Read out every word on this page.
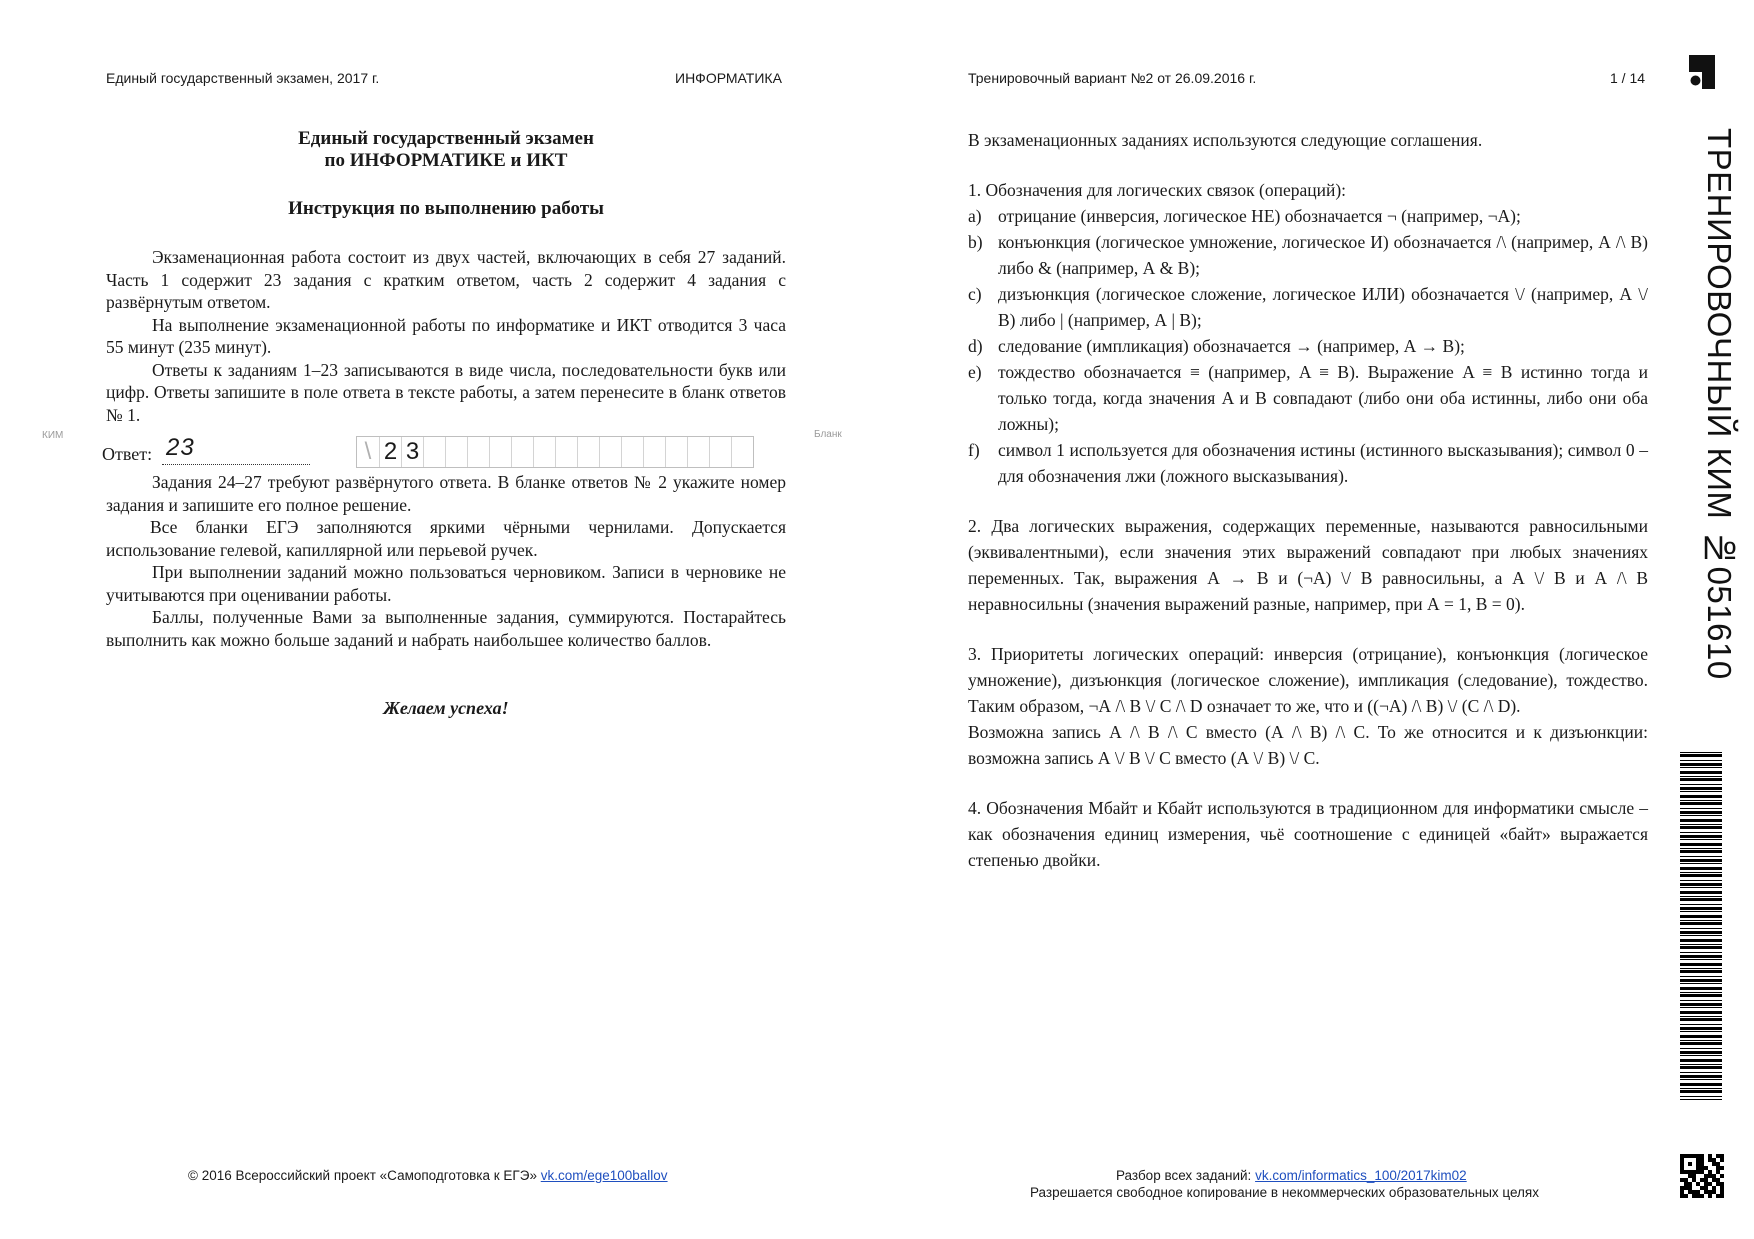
Единый государственный экзамен, 2017 г.	ИНФОРМАТИКА	Тренировочный вариант №2 от 26.09.2016 г.	1 / 14
Единый государственный экзамен
по ИНФОРМАТИКЕ и ИКТ
Инструкция по выполнению работы

Экзаменационная работа состоит из двух частей, включающих в себя 27 заданий. Часть 1 содержит 23 задания с кратким ответом, часть 2 содержит 4 задания с развёрнутым ответом.

На выполнение экзаменационной работы по информатике и ИКТ отводится 3 часа 55 минут (235 минут).

Ответы к заданиям 1–23 записываются в виде числа, последовательности букв или цифр. Ответы запишите в поле ответа в тексте работы, а затем перенесите в бланк ответов № 1.

КИМ	Бланк
Ответ: 23	\ 2 3

Задания 24–27 требуют развёрнутого ответа. В бланке ответов № 2 укажите номер задания и запишите его полное решение.

Все бланки ЕГЭ заполняются яркими чёрными чернилами. Допускается использование гелевой, капиллярной или перьевой ручек.

При выполнении заданий можно пользоваться черновиком. Записи в черновике не учитываются при оценивании работы.

Баллы, полученные Вами за выполненные задания, суммируются. Постарайтесь выполнить как можно больше заданий и набрать наибольшее количество баллов.

Желаем успеха!

В экзаменационных заданиях используются следующие соглашения.

1. Обозначения для логических связок (операций):

a) отрицание (инверсия, логическое НЕ) обозначается ¬ (например, ¬А);
b) конъюнкция (логическое умножение, логическое И) обозначается /\ (например, А /\ В) либо & (например, А & В);
c) дизъюнкция (логическое сложение, логическое ИЛИ) обозначается \/ (например, А \/ В) либо | (например, А | В);
d) следование (импликация) обозначается → (например, А → В);
e) тождество обозначается ≡ (например, A ≡ B). Выражение A ≡ B истинно тогда и только тогда, когда значения A и B совпадают (либо они оба истинны, либо они оба ложны);
f) символ 1 используется для обозначения истины (истинного высказывания); символ 0 – для обозначения лжи (ложного высказывания).

2. Два логических выражения, содержащих переменные, называются равносильными (эквивалентными), если значения этих выражений совпадают при любых значениях переменных. Так, выражения А → В и (¬А) \/ В равносильны, а А \/ В и А /\ В неравносильны (значения выражений разные, например, при А = 1, В = 0).

3. Приоритеты логических операций: инверсия (отрицание), конъюнкция (логическое умножение), дизъюнкция (логическое сложение), импликация (следование), тождество. Таким образом, ¬А /\ В \/ С /\ D означает то же, что и ((¬А) /\ В) \/ (С /\ D).

Возможна запись А /\ В /\ С вместо (А /\ В) /\ С. То же относится и к дизъюнкции: возможна запись А \/ В \/ С вместо (А \/ В) \/ С.

4. Обозначения Мбайт и Кбайт используются в традиционном для информатики смысле – как обозначения единиц измерения, чьё соотношение с единицей «байт» выражается степенью двойки.

ТРЕНИРОВОЧНЫЙ КИМ №051610
© 2016 Всероссийский проект «Самоподготовка к ЕГЭ» vk.com/ege100ballov	Разбор всех заданий: vk.com/informatics_100/2017kim02
Разрешается свободное копирование в некоммерческих образовательных целях
